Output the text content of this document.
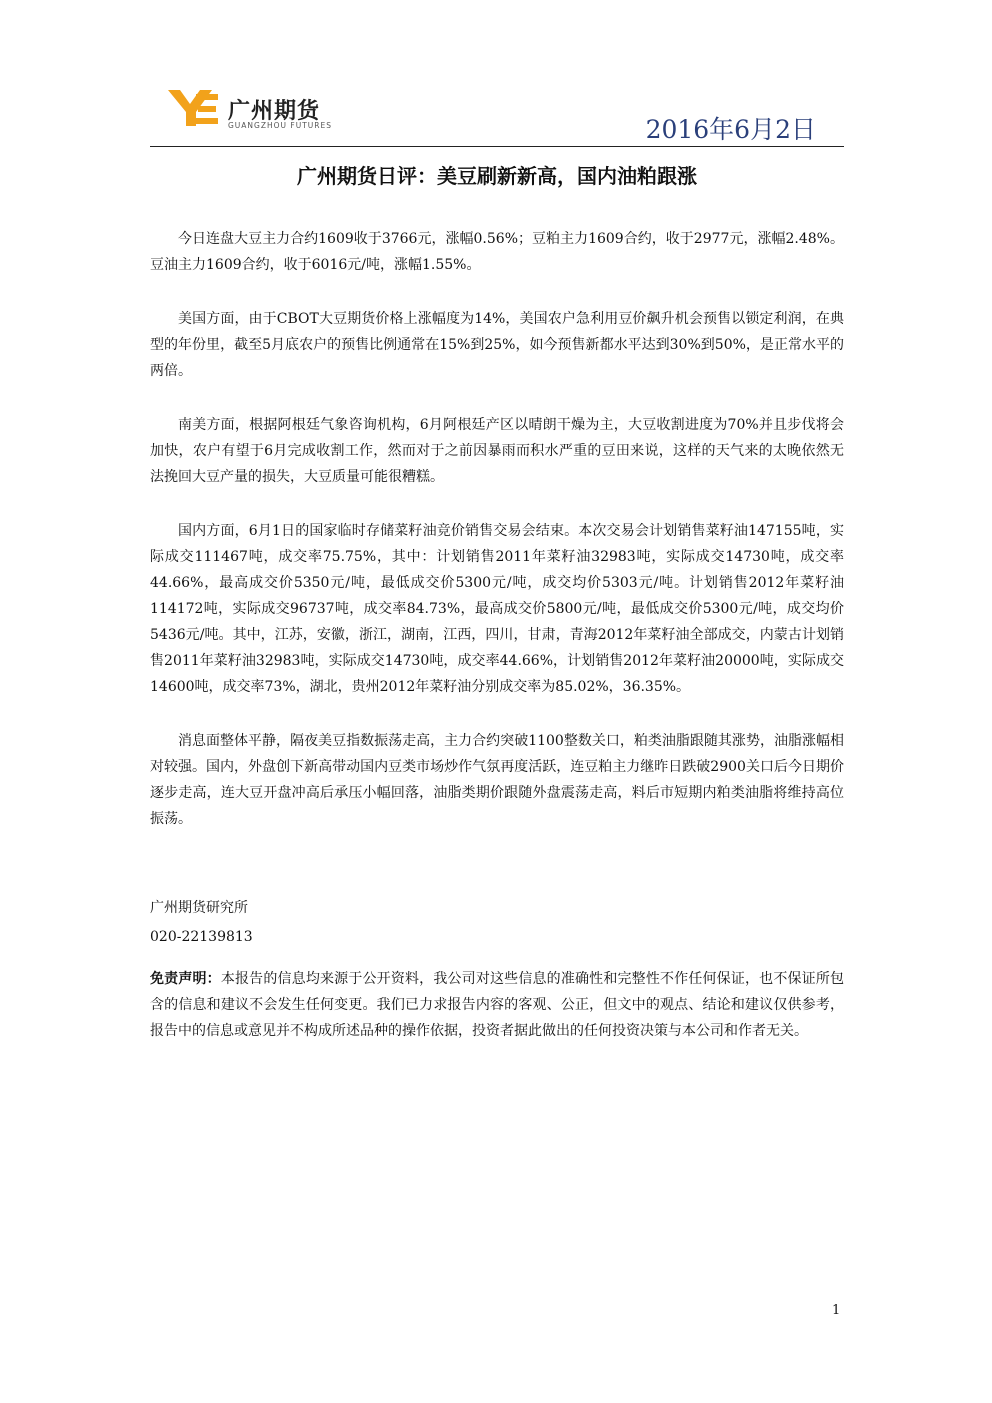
广州期货
GUANGZHOU FUTURES	2016年6月2日
广州期货日评：美豆刷新新高，国内油粕跟涨

今日连盘大豆主力合约1609收于3766元，涨幅0.56%；豆粕主力1609合约，收于2977元，涨幅2.48%。豆油主力1609合约，收于6016元/吨，涨幅1.55%。

美国方面，由于CBOT大豆期货价格上涨幅度为14%，美国农户急利用豆价飙升机会预售以锁定利润，在典型的年份里，截至5月底农户的预售比例通常在15%到25%，如今预售新都水平达到30%到50%，是正常水平的两倍。

南美方面，根据阿根廷气象咨询机构，6月阿根廷产区以晴朗干燥为主，大豆收割进度为70%并且步伐将会加快，农户有望于6月完成收割工作，然而对于之前因暴雨而积水严重的豆田来说，这样的天气来的太晚依然无法挽回大豆产量的损失，大豆质量可能很糟糕。

国内方面，6月1日的国家临时存储菜籽油竞价销售交易会结束。本次交易会计划销售菜籽油147155吨，实际成交111467吨，成交率75.75%，其中：计划销售2011年菜籽油32983吨，实际成交14730吨，成交率44.66%，最高成交价5350元/吨，最低成交价5300元/吨，成交均价5303元/吨。计划销售2012年菜籽油114172吨，实际成交96737吨，成交率84.73%，最高成交价5800元/吨，最低成交价5300元/吨，成交均价5436元/吨。其中，江苏，安徽，浙江，湖南，江西，四川，甘肃，青海2012年菜籽油全部成交，内蒙古计划销售2011年菜籽油32983吨，实际成交14730吨，成交率44.66%，计划销售2012年菜籽油20000吨，实际成交14600吨，成交率73%，湖北，贵州2012年菜籽油分别成交率为85.02%，36.35%。

消息面整体平静，隔夜美豆指数振荡走高，主力合约突破1100整数关口，粕类油脂跟随其涨势，油脂涨幅相对较强。国内，外盘创下新高带动国内豆类市场炒作气氛再度活跃，连豆粕主力继昨日跌破2900关口后今日期价逐步走高，连大豆开盘冲高后承压小幅回落，油脂类期价跟随外盘震荡走高，料后市短期内粕类油脂将维持高位振荡。

广州期货研究所
020-22139813

免责声明：本报告的信息均来源于公开资料，我公司对这些信息的准确性和完整性不作任何保证，也不保证所包含的信息和建议不会发生任何变更。我们已力求报告内容的客观、公正，但文中的观点、结论和建议仅供参考，报告中的信息或意见并不构成所述品种的操作依据，投资者据此做出的任何投资决策与本公司和作者无关。

1
